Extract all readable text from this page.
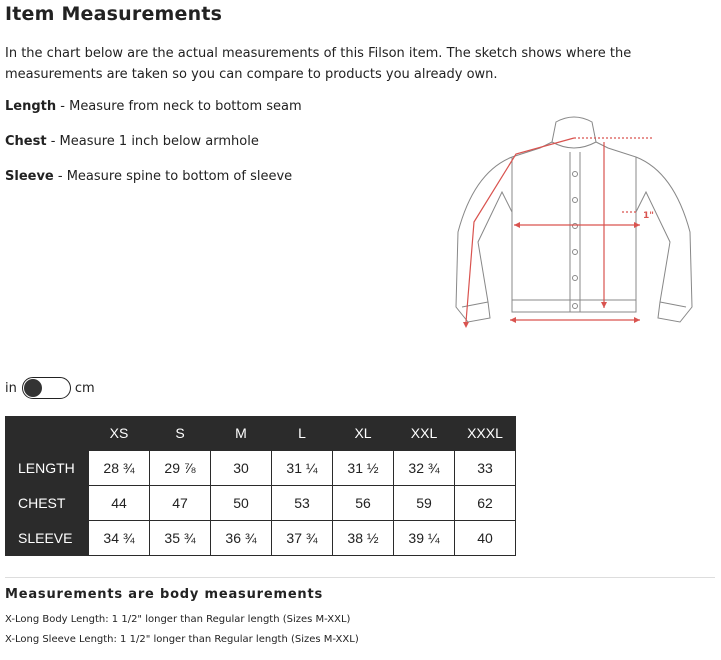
Item Measurements

In the chart below are the actual measurements of this Filson item. The sketch shows where the measurements are taken so you can compare to products you already own.

Length - Measure from neck to bottom seam

Chest - Measure 1 inch below armhole

Sleeve - Measure spine to bottom of sleeve

1"
in	cm
	XS	S	M	L	XL	XXL	XXXL
LENGTH	28 ¾	29 ⅞	30	31 ¼	31 ½	32 ¾	33
CHEST	44	47	50	53	56	59	62
SLEEVE	34 ¾	35 ¾	36 ¾	37 ¾	38 ½	39 ¼	40

Measurements are body measurements

X-Long Body Length: 1 1/2" longer than Regular length (Sizes M-XXL)

X-Long Sleeve Length: 1 1/2" longer than Regular length (Sizes M-XXL)
